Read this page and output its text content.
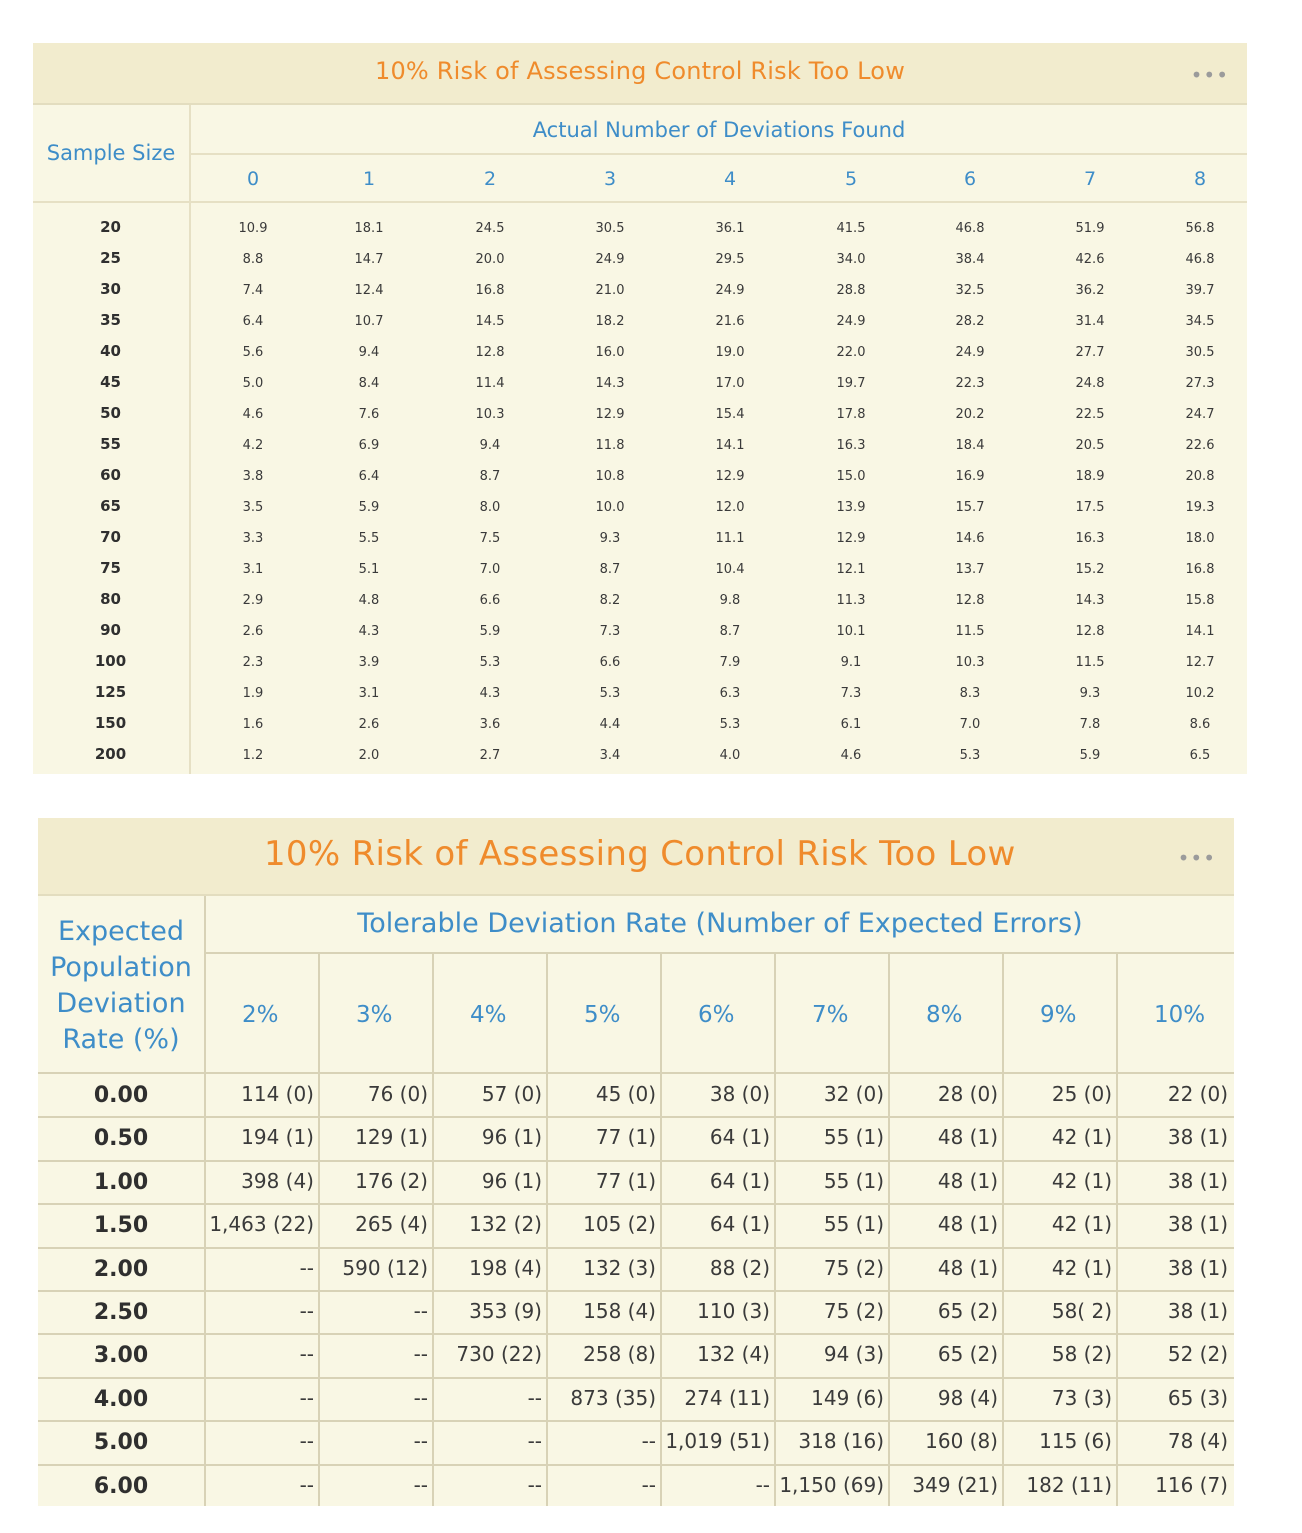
10% Risk of Assessing Control Risk Too Low	•••
Sample Size
Actual Number of Deviations Found
0	1	2	3	4	5	6	7	8
20	10.9	18.1	24.5	30.5	36.1	41.5	46.8	51.9	56.8
25	8.8	14.7	20.0	24.9	29.5	34.0	38.4	42.6	46.8
30	7.4	12.4	16.8	21.0	24.9	28.8	32.5	36.2	39.7
35	6.4	10.7	14.5	18.2	21.6	24.9	28.2	31.4	34.5
40	5.6	9.4	12.8	16.0	19.0	22.0	24.9	27.7	30.5
45	5.0	8.4	11.4	14.3	17.0	19.7	22.3	24.8	27.3
50	4.6	7.6	10.3	12.9	15.4	17.8	20.2	22.5	24.7
55	4.2	6.9	9.4	11.8	14.1	16.3	18.4	20.5	22.6
60	3.8	6.4	8.7	10.8	12.9	15.0	16.9	18.9	20.8
65	3.5	5.9	8.0	10.0	12.0	13.9	15.7	17.5	19.3
70	3.3	5.5	7.5	9.3	11.1	12.9	14.6	16.3	18.0
75	3.1	5.1	7.0	8.7	10.4	12.1	13.7	15.2	16.8
80	2.9	4.8	6.6	8.2	9.8	11.3	12.8	14.3	15.8
90	2.6	4.3	5.9	7.3	8.7	10.1	11.5	12.8	14.1
100	2.3	3.9	5.3	6.6	7.9	9.1	10.3	11.5	12.7
125	1.9	3.1	4.3	5.3	6.3	7.3	8.3	9.3	10.2
150	1.6	2.6	3.6	4.4	5.3	6.1	7.0	7.8	8.6
200	1.2	2.0	2.7	3.4	4.0	4.6	5.3	5.9	6.5
10% Risk of Assessing Control Risk Too Low	•••
Expected
Population
Deviation
Rate (%)
Tolerable Deviation Rate (Number of Expected Errors)
2%	3%	4%	5%	6%	7%	8%	9%	10%
0.00	114 (0)	76 (0)	57 (0)	45 (0)	38 (0)	32 (0)	28 (0)	25 (0)	22 (0)
0.50	194 (1) 129 (1)	96 (1)	77 (1)	64 (1)	55 (1)	48 (1)	42 (1)	38 (1)
1.00	398 (4) 176 (2)	96 (1)	77 (1)	64 (1)	55 (1)	48 (1)	42 (1)	38 (1)
1.50	1,463 (22) 265 (4) 132 (2) 105 (2)	64 (1)	55 (1)	48 (1)	42 (1)	38 (1)
2.00	-- 590 (12) 198 (4) 132 (3)	88 (2)	75 (2)	48 (1)	42 (1)	38 (1)
2.50	--	-- 353 (9) 158 (4) 110 (3)	75 (2)	65 (2)	58( 2)	38 (1)
3.00	--	-- 730 (22) 258 (8) 132 (4)	94 (3)	65 (2)	58 (2)	52 (2)
4.00	--	--	-- 873 (35) 274 (11) 149 (6)	98 (4)	73 (3)	65 (3)
5.00	--	--	--	-- 1,019 (51) 318 (16) 160 (8) 115 (6)	78 (4)
6.00	--	--	--	--	-- 1,150 (69) 349 (21) 182 (11) 116 (7)
